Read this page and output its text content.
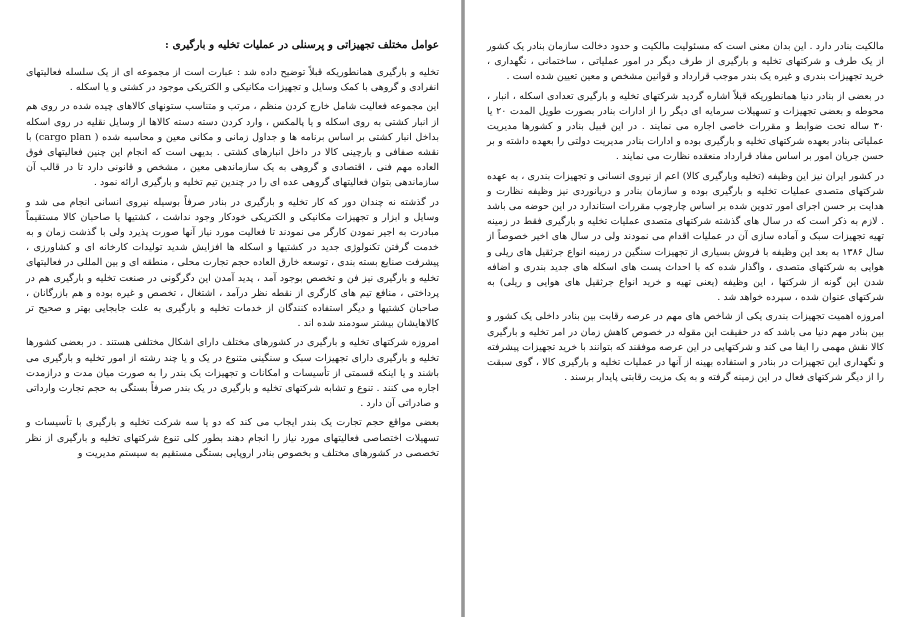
عوامل مختلف تجهیزاتی و پرسنلی در عملیات تخلیه و بارگیری :

تخلیه و بارگیری همانطوریکه قبلاً توضیح داده شد : عبارت است از مجموعه ای از یک سلسله فعالیتهای انفرادی و گروهی با کمک وسایل و تجهیزات مکانیکی و الکتریکی موجود در کشتی و یا اسکله .

این مجموعه فعالیت شامل خارج کردن منظم ، مرتب و متناسب ستونهای کالاهای چیده شده در روی هم از انبار کشتی به روی اسکله و یا پالمکس ، وارد کردن دسته دسته کالاها از وسایل نقلیه در روی اسکله بداخل انبار کشتی بر اساس برنامه ها و جداول زمانی و مکانی معین و محاسبه شده ( cargo plan) با نقشه صفافی و بارچینی کالا در داخل انبارهای کشتی . بدیهی است که انجام این چنین فعالیتهای فوق العاده مهم فنی ، اقتصادی و گروهی به یک سازماندهی معین ، مشخص و قانونی دارد تا در قالب آن سازماندهی بتوان فعالیتهای گروهی عده ای را در چندین تیم تخلیه و بارگیری ارائه نمود .

در گذشته نه چندان دور که کار تخلیه و بارگیری در بنادر صرفاً بوسیله نیروی انسانی انجام می شد و وسایل و ابزار و تجهیزات مکانیکی و الکتریکی خودکار وجود نداشت ، کشتیها یا صاحبان کالا مستقیماً مبادرت به اجیر نمودن کارگر می نمودند تا فعالیت مورد نیاز آنها صورت پذیرد ولی با گذشت زمان و به خدمت گرفتن تکنولوژی جدید در کشتیها و اسکله ها افزایش شدید تولیدات کارخانه ای و کشاورزی ، پیشرفت صنایع بسته بندی ، توسعه خارق العاده حجم تجارت محلی ، منطقه ای و بین المللی در فعالیتهای تخلیه و بارگیری نیز فن و تخصص بوجود آمد ، پدید آمدن این دگرگونی در صنعت تخلیه و بارگیری هم در پرداختی ، منافع تیم های کارگری از نقطه نظر درآمد ، اشتغال ، تخصص و غیره بوده و هم بازرگانان ، صاحبان کشتیها و دیگر استفاده کنندگان از خدمات تخلیه و بارگیری به علت جابجایی بهتر و صحیح تر کالاهایشان بیشتر سودمند شده اند .

امروزه شرکتهای تخلیه و بارگیری در کشورهای مختلف دارای اشکال مختلفی هستند . در بعضی کشورها تخلیه و بارگیری دارای تجهیزات سبک و سنگینی متنوع در یک و یا چند رشته از امور تخلیه و بارگیری می باشند و یا اینکه قسمتی از تأسیسات و امکانات و تجهیزات یک بندر را به صورت میان مدت و درازمدت اجاره می کنند . تنوع و تشابه شرکتهای تخلیه و بارگیری در یک بندر صرفاً بستگی به حجم تجارت وارداتی و صادراتی آن دارد .

بعضی مواقع حجم تجارت یک بندر ایجاب می کند که دو یا سه شرکت تخلیه و بارگیری با تأسیسات و تسهیلات اختصاصی فعالیتهای مورد نیاز را انجام دهند بطور کلی تنوع شرکتهای تخلیه و بارگیری از نظر تخصصی در کشورهای مختلف و بخصوص بنادر اروپایی بستگی مستقیم به سیستم مدیریت و

مالکیت بنادر دارد . این بدان معنی است که مسئولیت مالکیت و حدود دخالت سازمان بنادر یک کشور از یک طرف و شرکتهای تخلیه و بارگیری از طرف دیگر در امور عملیاتی ، ساختمانی ، نگهداری ، خرید تجهیزات بندری و غیره یک بندر موجب قرارداد و قوانین مشخص و معین تعیین شده است .

در بعضی از بنادر دنیا همانطوریکه قبلاً اشاره گردید شرکتهای تخلیه و بارگیری تعدادی اسکله ، انبار ، محوطه و بعضی تجهیزات و تسهیلات سرمایه ای دیگر را از ادارات بنادر بصورت طویل المدت ۲۰ یا ۳۰ ساله تحت ضوابط و مقررات خاصی اجاره می نمایند . در این قبیل بنادر و کشورها مدیریت عملیاتی بنادر بعهده شرکتهای تخلیه و بارگیری بوده و ادارات بنادر مدیریت دولتی را بعهده داشته و بر حسن جریان امور بر اساس مفاد قرارداد منعقده نظارت می نمایند .

در کشور ایران نیز این وظیفه (تخلیه وبارگیری کالا) اعم از نیروی انسانی و تجهیزات بندری ، به عهده شرکتهای متصدی عملیات تخلیه و بارگیری بوده و سازمان بنادر و دریانوردی نیز وظیفه نظارت و هدایت بر حسن اجرای امور تدوین شده بر اساس چارچوب مقررات استاندارد در این حوضه می باشد . لازم به ذکر است که در سال های گذشته شرکتهای متصدی عملیات تخلیه و بارگیری فقط در زمینه تهیه تجهیزات سبک و آماده سازی آن در عملیات اقدام می نمودند ولی در سال های اخیر خصوصاً از سال ۱۳۸۶ به بعد این وظیفه با فروش بسیاری از تجهیزات سنگین در زمینه انواع جرثقیل های ریلی و هوایی به شرکتهای متصدی ، واگذار شده که با احداث پست های اسکله های جدید بندری و اضافه شدن این گونه از شرکتها ، این وظیفه (یعنی تهیه و خرید انواع جرثقیل های هوایی و ریلی) به شرکتهای عنوان شده ، سپرده خواهد شد .

امروزه اهمیت تجهیزات بندری یکی از شاخص های مهم در عرصه رقابت بین بنادر داخلی یک کشور و بین بنادر مهم دنیا می باشد که در حقیقت این مقوله در خصوص کاهش زمان در امر تخلیه و بارگیری کالا نقش مهمی را ایفا می کند و شرکتهایی در این عرصه موفقند که بتوانند با خرید تجهیزات پیشرفته و نگهداری این تجهیزات در بنادر و استفاده بهینه از آنها در عملیات تخلیه و بارگیری کالا ، گوی سبقت را از دیگر شرکتهای فعال در این زمینه گرفته و به یک مزیت رقابتی پایدار برسند .
